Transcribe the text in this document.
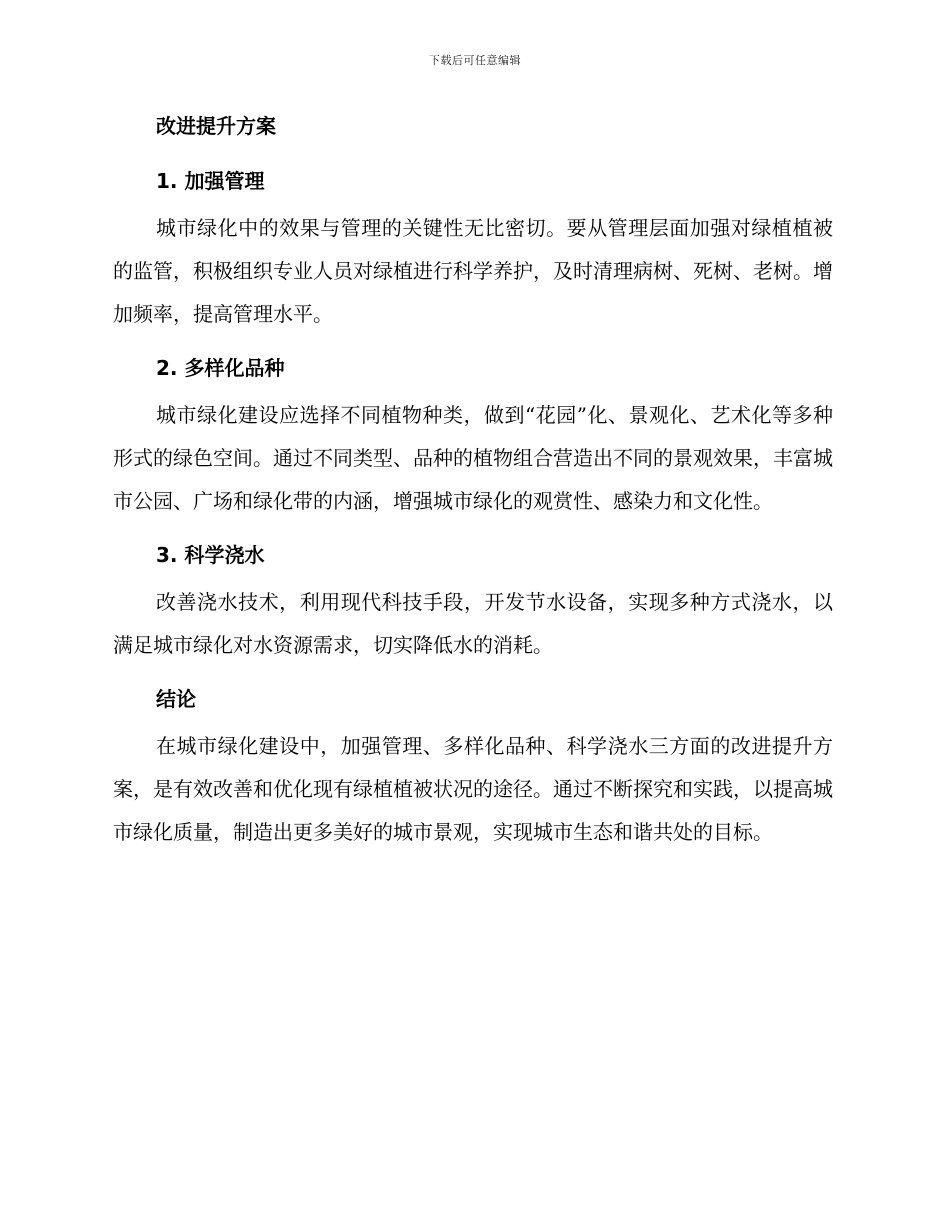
下载后可任意编辑
改进提升方案
1. 加强管理

城市绿化中的效果与管理的关键性无比密切。要从管理层面加强对绿植植被的监管，积极组织专业人员对绿植进行科学养护，及时清理病树、死树、老树。增加频率，提高管理水平。

2. 多样化品种

城市绿化建设应选择不同植物种类，做到“花园”化、景观化、艺术化等多种形式的绿色空间。通过不同类型、品种的植物组合营造出不同的景观效果，丰富城市公园、广场和绿化带的内涵，增强城市绿化的观赏性、感染力和文化性。

3. 科学浇水

改善浇水技术，利用现代科技手段，开发节水设备，实现多种方式浇水，以满足城市绿化对水资源需求，切实降低水的消耗。

结论

在城市绿化建设中，加强管理、多样化品种、科学浇水三方面的改进提升方案，是有效改善和优化现有绿植植被状况的途径。通过不断探究和实践，以提高城市绿化质量，制造出更多美好的城市景观，实现城市生态和谐共处的目标。
